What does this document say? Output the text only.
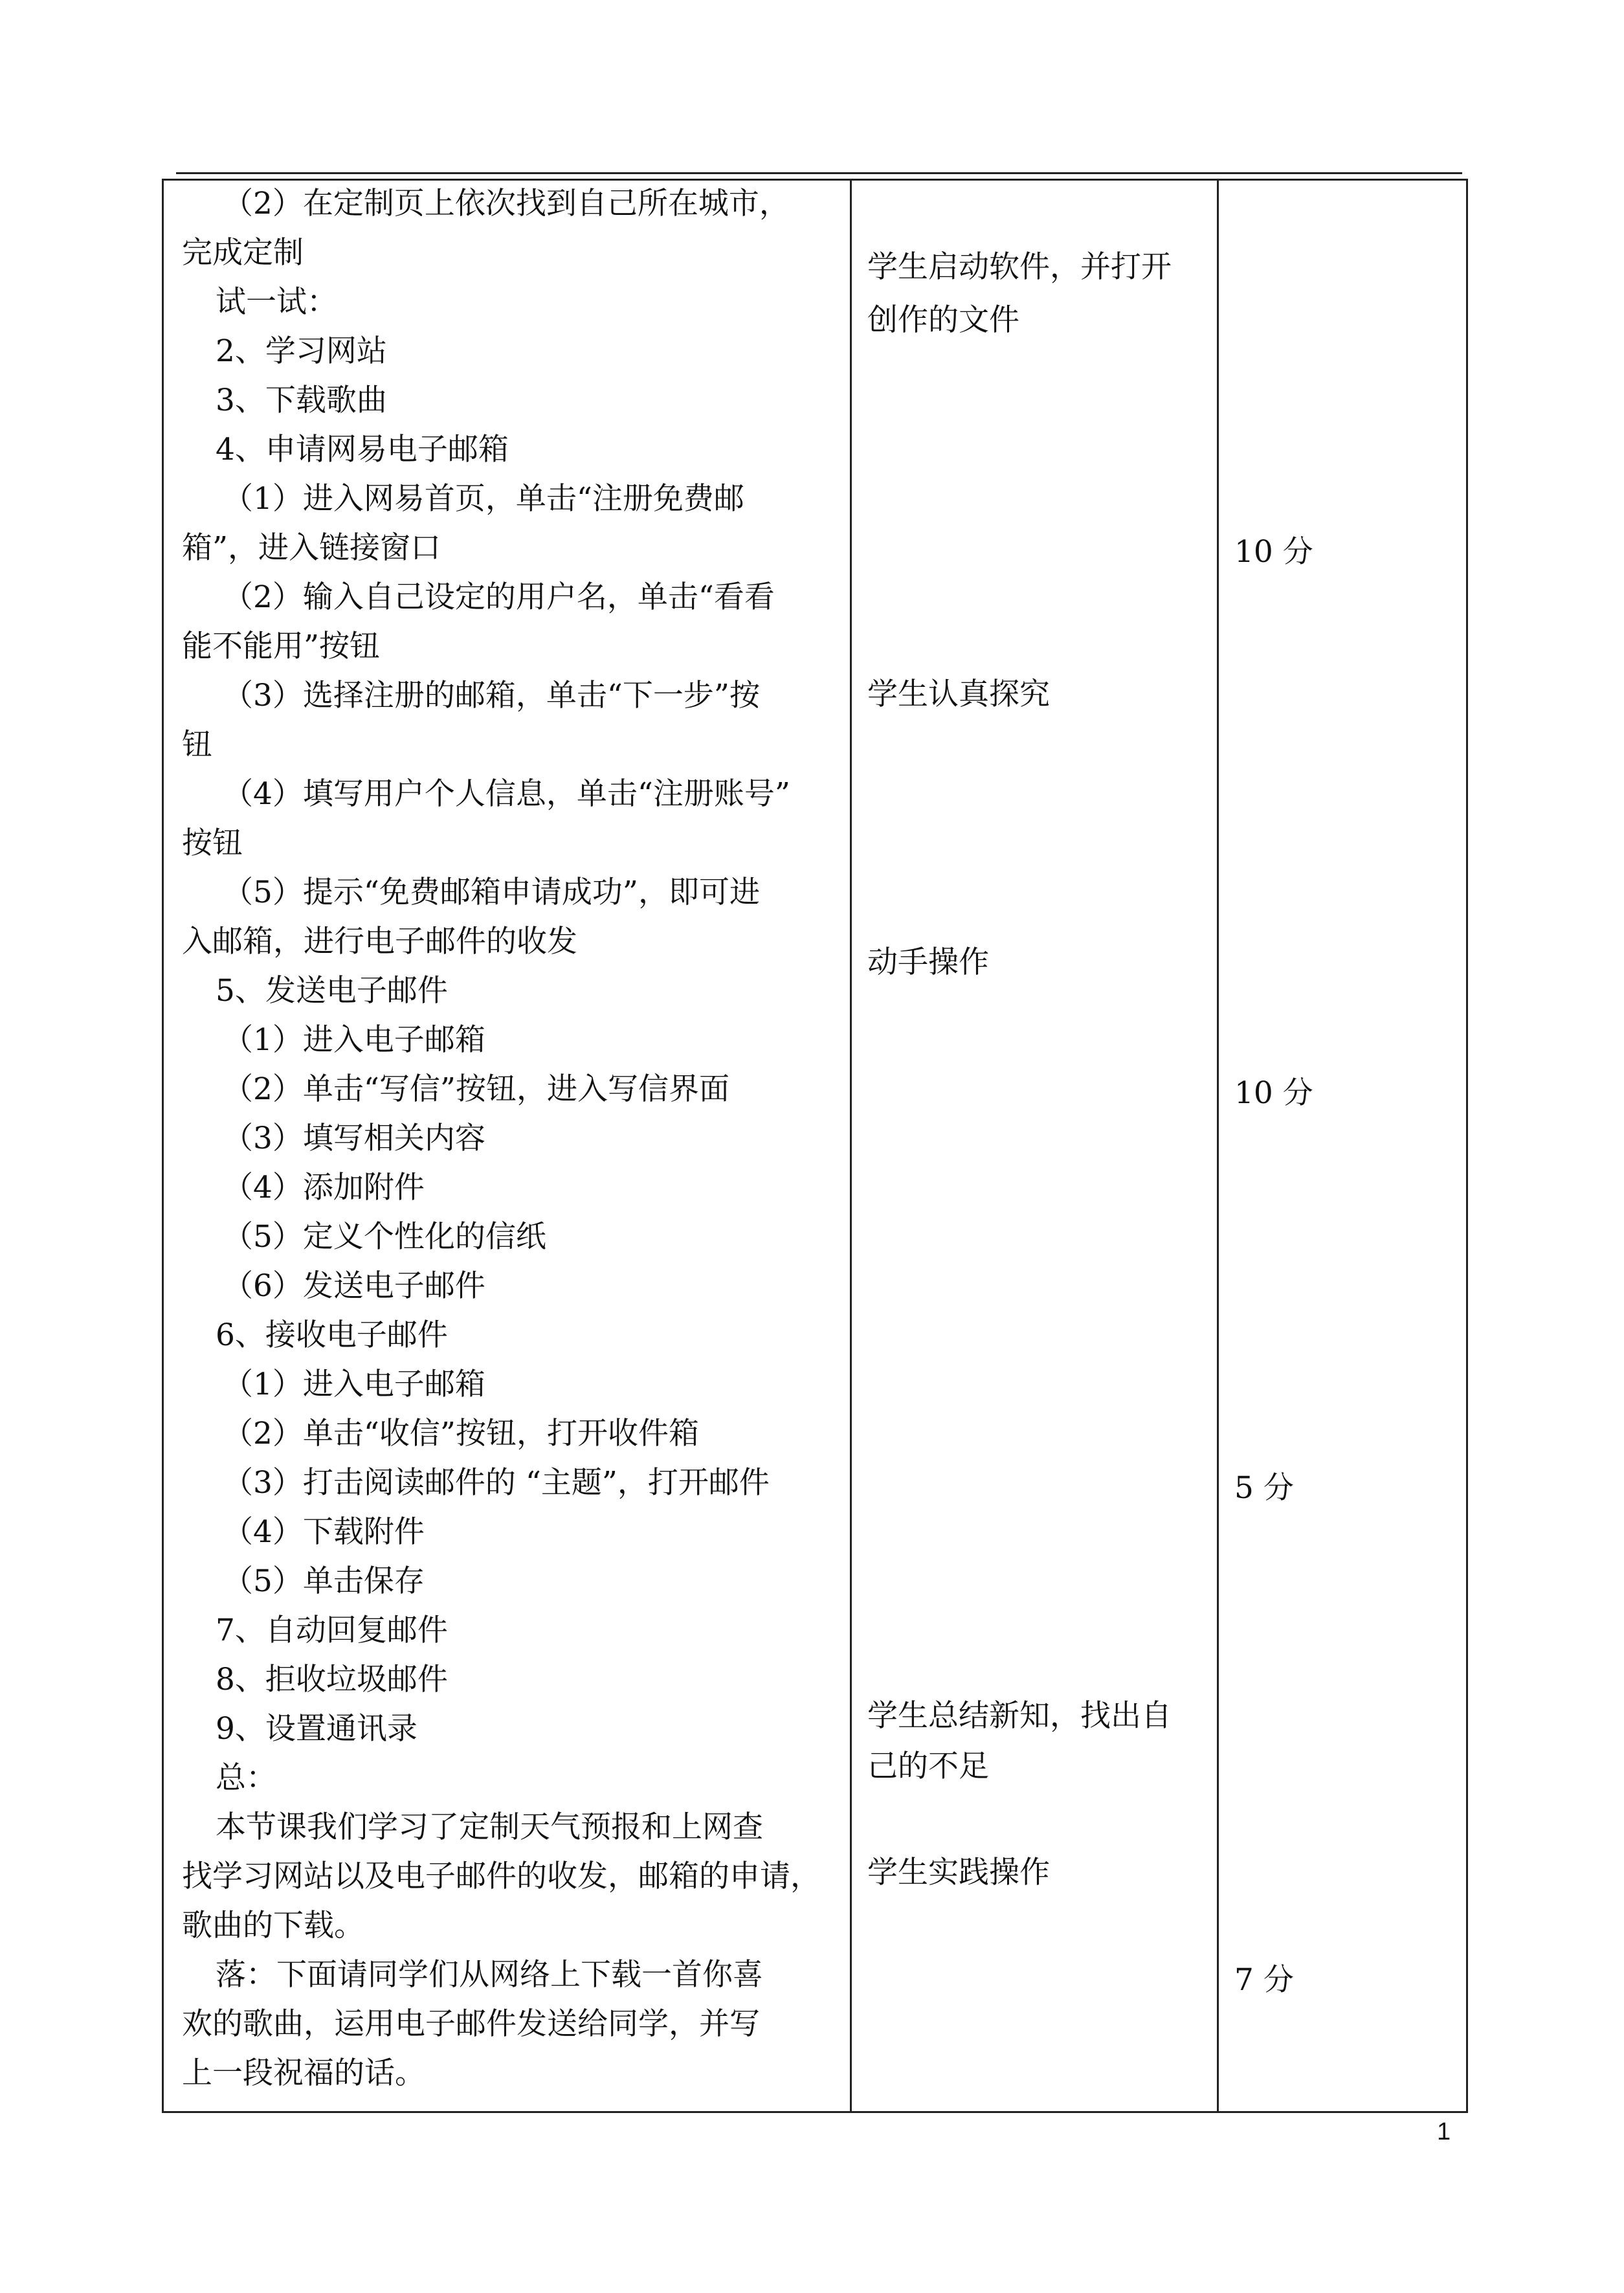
（2）在定制页上依次找到自己所在城市，
完成定制
试一试：
2、学习网站
3、下载歌曲
4、申请网易电子邮箱
（1）进入网易首页，单击“注册免费邮
箱”，进入链接窗口
（2）输入自己设定的用户名，单击“看看
能不能用”按钮
（3）选择注册的邮箱，单击“下一步”按
钮
（4）填写用户个人信息，单击“注册账号”
按钮
（5）提示“免费邮箱申请成功”，即可进
入邮箱，进行电子邮件的收发
5、发送电子邮件
（1）进入电子邮箱
（2）单击“写信”按钮，进入写信界面
（3）填写相关内容
（4）添加附件
（5）定义个性化的信纸
（6）发送电子邮件
6、接收电子邮件
（1）进入电子邮箱
（2）单击“收信”按钮，打开收件箱
（3）打击阅读邮件的 “主题”，打开邮件
（4）下载附件
（5）单击保存
7、自动回复邮件
8、拒收垃圾邮件
9、设置通讯录
总：
本节课我们学习了定制天气预报和上网查
找学习网站以及电子邮件的收发，邮箱的申请，
歌曲的下载。
落：下面请同学们从网络上下载一首你喜
欢的歌曲，运用电子邮件发送给同学，并写
上一段祝福的话。
学生启动软件，并打开
创作的文件
学生认真探究
动手操作
学生总结新知，找出自
己的不足
学生实践操作
10 分
10 分
5 分
7 分
1
